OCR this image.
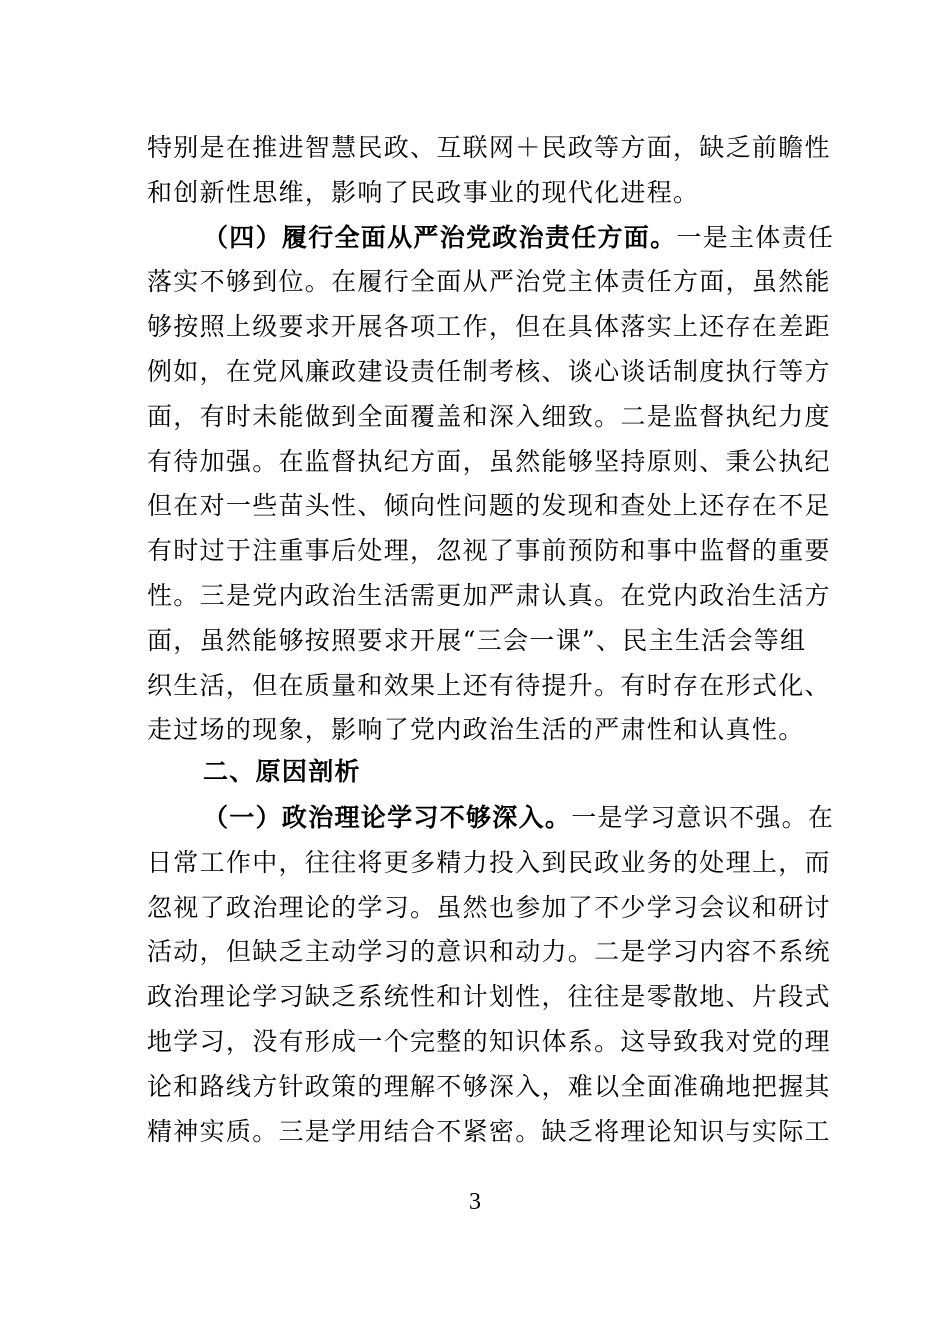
特别是在推进智慧民政、互联网＋民政等方面，缺乏前瞻性
和创新性思维，影响了民政事业的现代化进程。
（四）履行全面从严治党政治责任方面。一是主体责任
落实不够到位。在履行全面从严治党主体责任方面，虽然能
够按照上级要求开展各项工作，但在具体落实上还存在差距
例如，在党风廉政建设责任制考核、谈心谈话制度执行等方
面，有时未能做到全面覆盖和深入细致。二是监督执纪力度
有待加强。在监督执纪方面，虽然能够坚持原则、秉公执纪
但在对一些苗头性、倾向性问题的发现和查处上还存在不足
有时过于注重事后处理，忽视了事前预防和事中监督的重要
性。三是党内政治生活需更加严肃认真。在党内政治生活方
面，虽然能够按照要求开展“三会一课”、民主生活会等组
织生活，但在质量和效果上还有待提升。有时存在形式化、
走过场的现象，影响了党内政治生活的严肃性和认真性。
二、原因剖析
（一）政治理论学习不够深入。一是学习意识不强。在
日常工作中，往往将更多精力投入到民政业务的处理上，而
忽视了政治理论的学习。虽然也参加了不少学习会议和研讨
活动，但缺乏主动学习的意识和动力。二是学习内容不系统
政治理论学习缺乏系统性和计划性，往往是零散地、片段式
地学习，没有形成一个完整的知识体系。这导致我对党的理
论和路线方针政策的理解不够深入，难以全面准确地把握其
精神实质。三是学用结合不紧密。缺乏将理论知识与实际工
3
